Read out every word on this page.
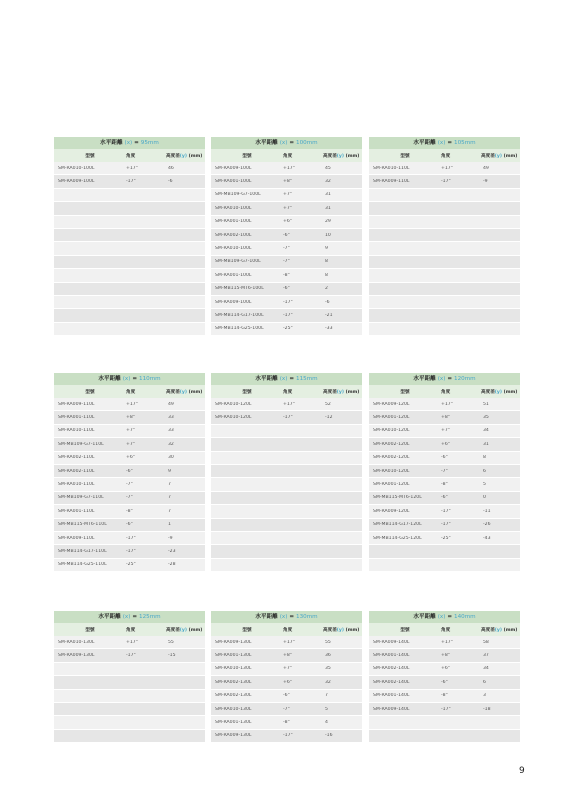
水平距離 (x) = 95mm
型號	角度	高度差(y) (mm)
SM-RA010-100L	+17°	46
SM-RA009-100L	-17°	-6
水平距離 (x) = 100mm
型號	角度	高度差(y) (mm)
SM-RA009-100L	+17°	45
SM-RA001-100L	+8°	32
SM-MB109-G7-100L	+7°	31
SM-RA010-100L	+7°	31
SM-RA001-100L	+6°	29
SM-RA002-100L	-6°	10
SM-RA010-100L	-7°	9
SM-MB109-G7-100L	-7°	8
SM-RA001-100L	-8°	8
SM-MB115-MT6-100L	-6°	2
SM-RA009-100L	-17°	-6
SM-MB114-G17-100L	-17°	-21
SM-MB114-G25-100L	-25°	-33
水平距離 (x) = 105mm
型號	角度	高度差(y) (mm)
SM-RA010-110L	+17°	49
SM-RA009-110L	-17°	-9
水平距離 (x) = 110mm
型號	角度	高度差(y) (mm)
SM-RA009-110L	+17°	49
SM-RA001-110L	+8°	33
SM-RA010-110L	+7°	33
SM-MB109-G7-110L	+7°	32
SM-RA002-110L	+6°	30
SM-RA002-110L	-6°	9
SM-RA010-110L	-7°	7
SM-MB109-G7-110L	-7°	7
SM-RA001-110L	-8°	7
SM-MB115-MT6-110L	-6°	1
SM-RA009-110L	-17°	-9
SM-MB114-G17-110L	-17°	-23
SM-MB114-G25-110L	-25°	-28
水平距離 (x) = 115mm
型號	角度	高度差(y) (mm)
SM-RA010-120L	+17°	52
SM-RA010-120L	-17°	-12
水平距離 (x) = 120mm
型號	角度	高度差(y) (mm)
SM-RA009-120L	+17°	51
SM-RA001-120L	+8°	35
SM-RA010-120L	+7°	34
SM-RA002-120L	+6°	31
SM-RA002-120L	-6°	8
SM-RA010-120L	-7°	6
SM-RA001-120L	-8°	5
SM-MB115-MT6-120L	-6°	0
SM-RA009-120L	-17°	-11
SM-MB114-G17-120L	-17°	-26
SM-MB114-G25-120L	-25°	-43
水平距離 (x) = 125mm
型號	角度	高度差(y) (mm)
SM-RA010-130L	+17°	55
SM-RA009-130L	-17°	-15
水平距離 (x) = 130mm
型號	角度	高度差(y) (mm)
SM-RA009-130L	+17°	55
SM-RA001-130L	+8°	36
SM-RA010-130L	+7°	35
SM-RA002-130L	+6°	32
SM-RA002-130L	-6°	7
SM-RA010-130L	-7°	5
SM-RA001-130L	-8°	4
SM-RA009-130L	-17°	-16
水平距離 (x) = 140mm
型號	角度	高度差(y) (mm)
SM-RA009-140L	+17°	58
SM-RA001-140L	+8°	37
SM-RA002-140L	+6°	34
SM-RA002-140L	-6°	6
SM-RA001-140L	-8°	3
SM-RA009-140L	-17°	-18
9
